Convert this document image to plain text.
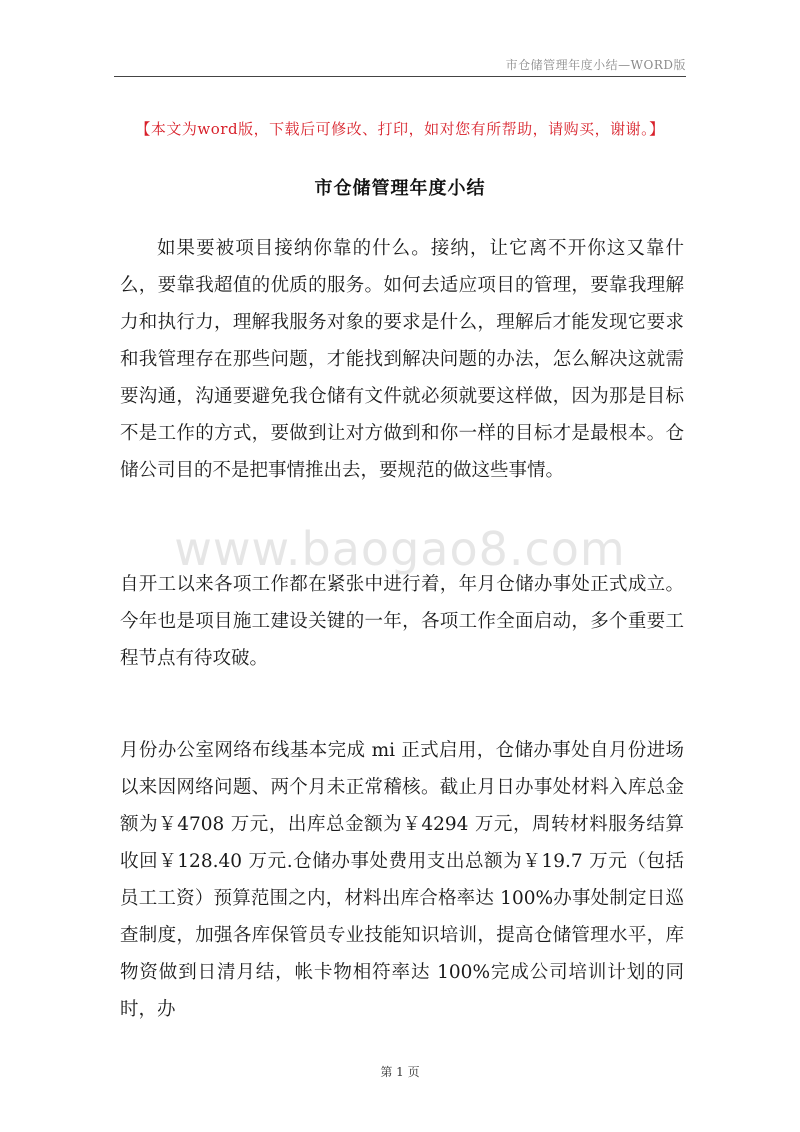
市仓储管理年度小结—WORD版
【本文为word版，下载后可修改、打印，如对您有所帮助，请购买，谢谢。】
市仓储管理年度小结

如果要被项目接纳你靠的什么。接纳，让它离不开你这又靠什么，要靠我超值的优质的服务。如何去适应项目的管理，要靠我理解力和执行力，理解我服务对象的要求是什么，理解后才能发现它要求和我管理存在那些问题，才能找到解决问题的办法，怎么解决这就需要沟通，沟通要避免我仓储有文件就必须就要这样做，因为那是目标不是工作的方式，要做到让对方做到和你一样的目标才是最根本。仓储公司目的不是把事情推出去，要规范的做这些事情。

www.baogao8.com

自开工以来各项工作都在紧张中进行着，年月仓储办事处正式成立。今年也是项目施工建设关键的一年，各项工作全面启动，多个重要工程节点有待攻破。

月份办公室网络布线基本完成 mi 正式启用，仓储办事处自月份进场以来因网络问题、两个月未正常稽核。截止月日办事处材料入库总金额为￥4708 万元，出库总金额为￥4294 万元，周转材料服务结算收回￥128.40 万元.仓储办事处费用支出总额为￥19.7 万元（包括员工工资）预算范围之内，材料出库合格率达 100%办事处制定日巡查制度，加强各库保管员专业技能知识培训，提高仓储管理水平，库物资做到日清月结，帐卡物相符率达 100%完成公司培训计划的同时，办

第 1 页
